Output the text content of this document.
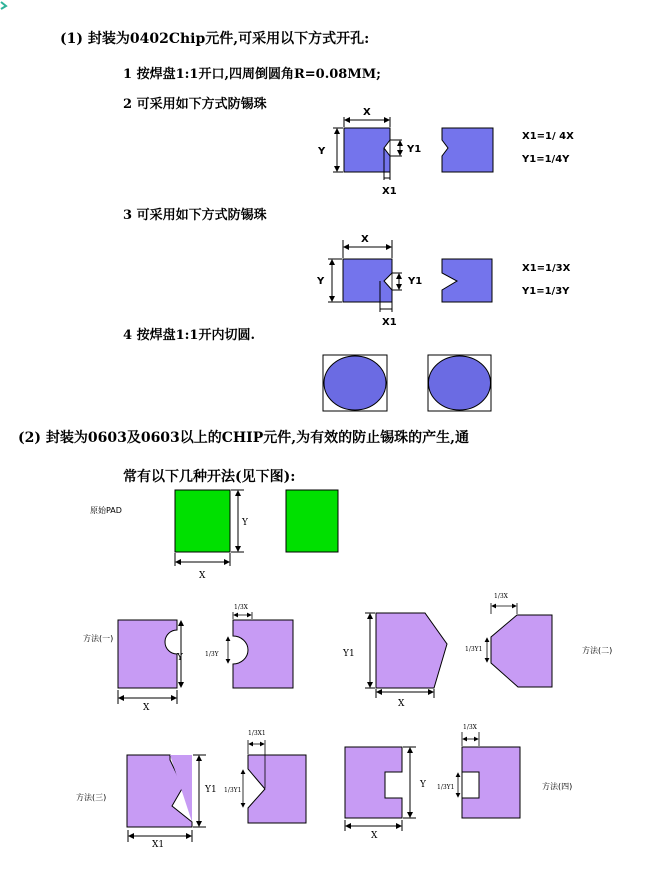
(1) 封装为0402Chip元件,可采用以下方式开孔:
1 按焊盘1:1开口,四周倒圆角R=0.08MM;
2 可采用如下方式防锡珠
3 可采用如下方式防锡珠
4 按焊盘1:1开内切圆.
(2) 封装为0603及0603以上的CHIP元件,为有效的防止锡珠的产生,通
常有以下几种开法(见下图):
X
Y	Y1
X1
X1=1/ 4X
Y1=1/4Y
X
Y	Y1
X1
X1=1/3X
Y1=1/3Y
原始PAD
Y
X
方法(一)
Y
X
1/3X
1/3Y	Y1
X
1/3X
1/3Y1	方法(二)
方法(三)
Y1
X1
1/3X1
1/3Y1
Y
X
1/3X
1/3Y1	方法(四)
